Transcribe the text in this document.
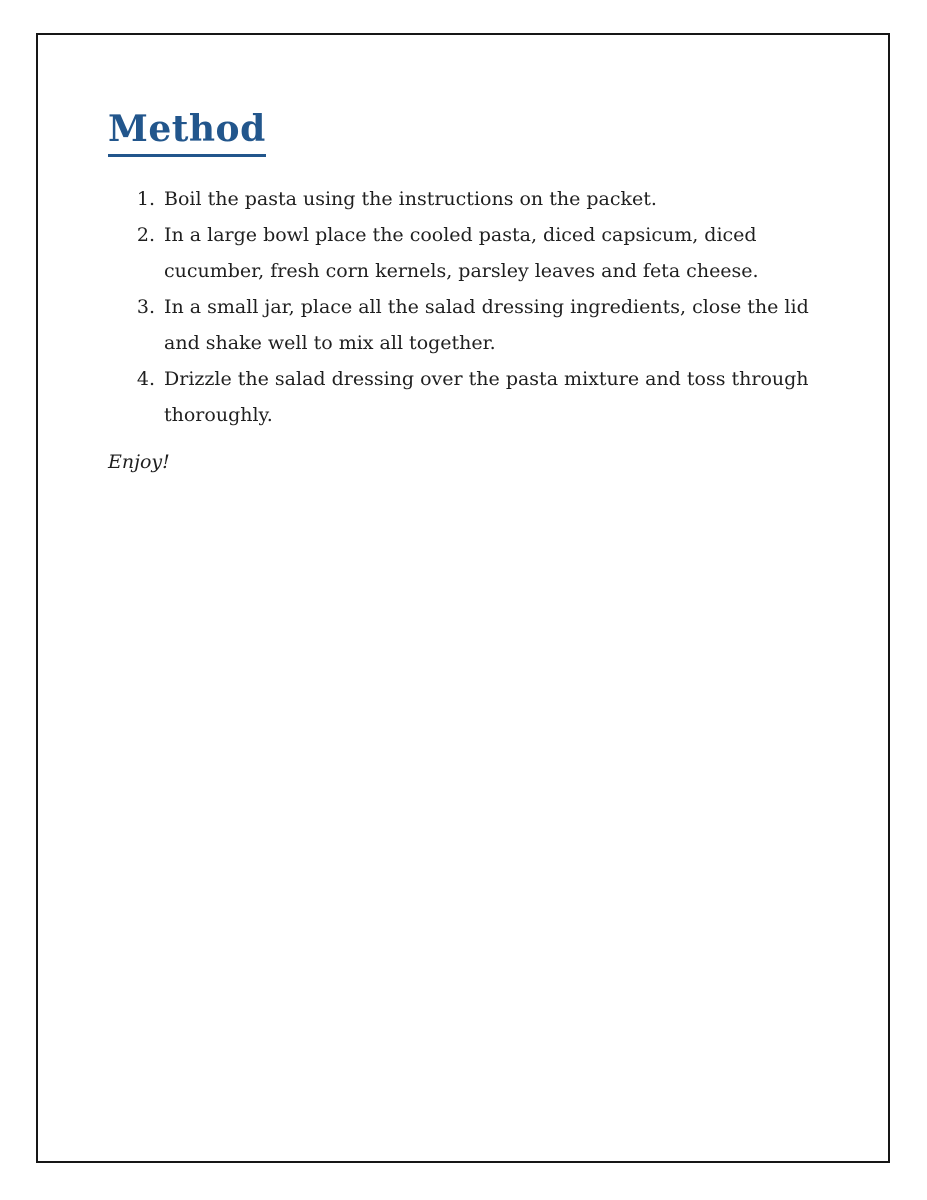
Method
1. Boil the pasta using the instructions on the packet.
2. In a large bowl place the cooled pasta, diced capsicum, diced
cucumber, fresh corn kernels, parsley leaves and feta cheese.
3. In a small jar, place all the salad dressing ingredients, close the lid
and shake well to mix all together.
4. Drizzle the salad dressing over the pasta mixture and toss through
thoroughly.

Enjoy!
